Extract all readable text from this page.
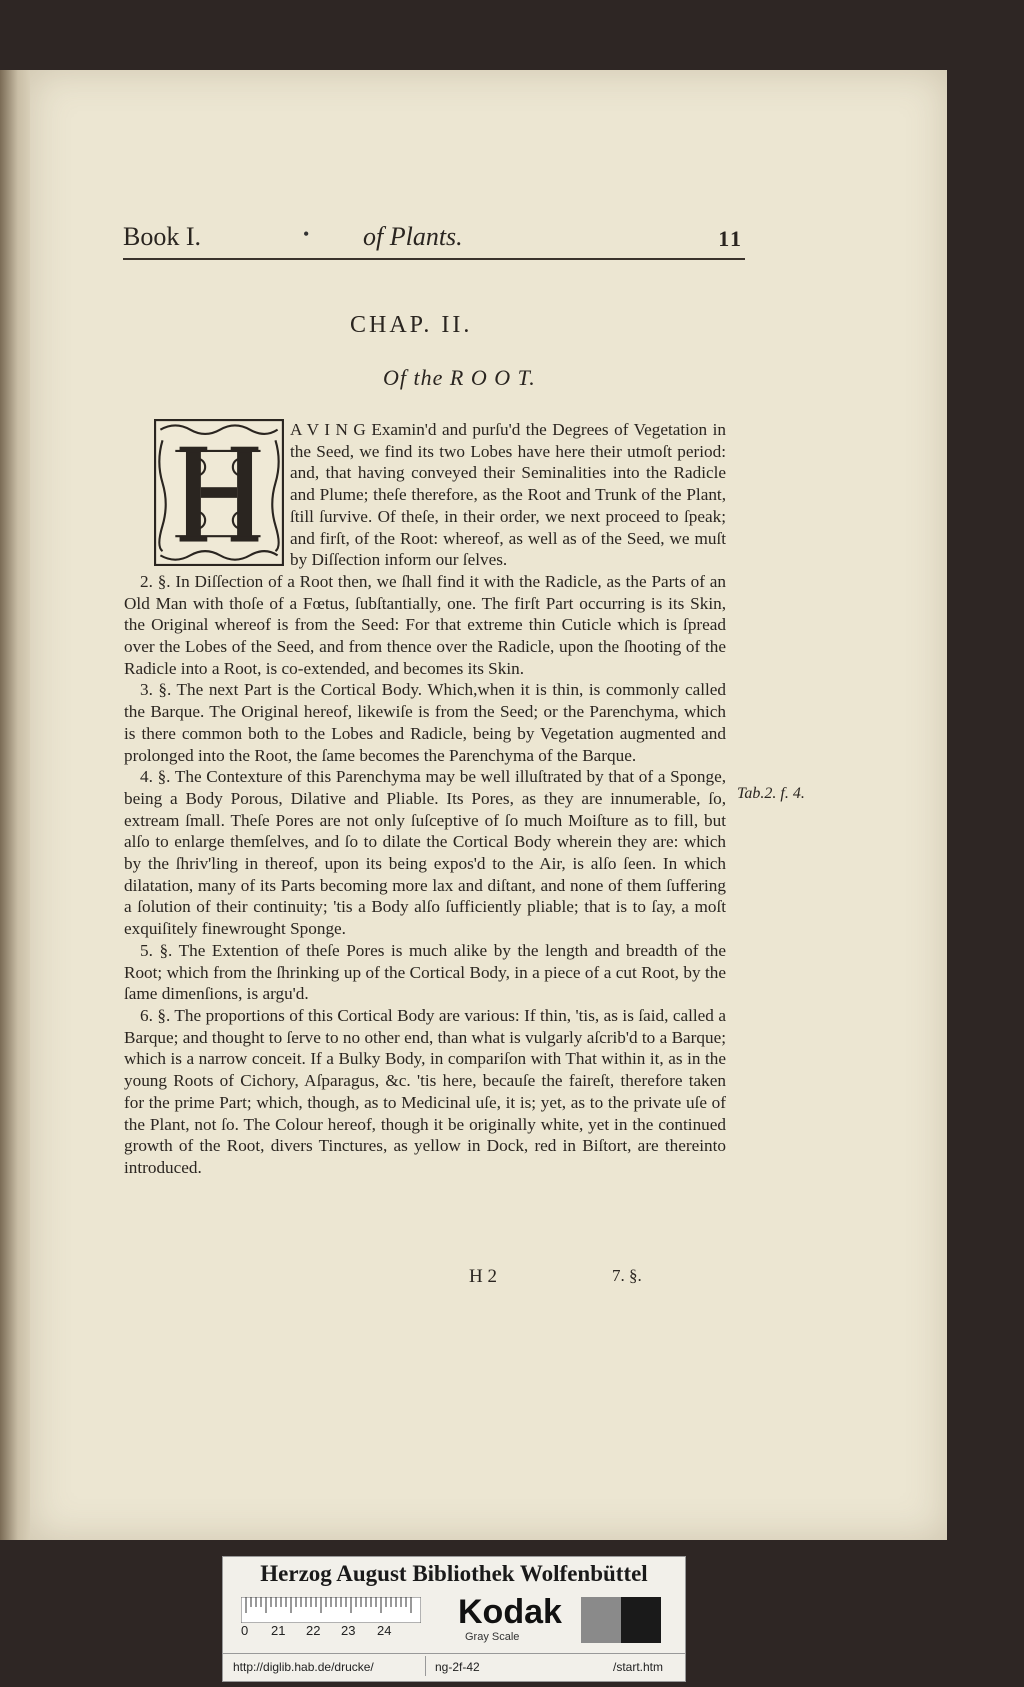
Book I.	• of Plants.	11
CHAP. II.
Of the R O O T.

A V I N G Examin'd and purſu'd the Degrees of Vegetation in the Seed, we find its two Lobes have here their utmoſt period: and, that having conveyed their Seminalities into the Radicle and Plume; theſe therefore, as the Root and Trunk of the Plant, ſtill ſurvive. Of theſe, in their order, we next proceed to ſpeak; and firſt, of the Root: whereof, as well as of the Seed, we muſt by Diſſection inform our ſelves.

2. §. In Diſſection of a Root then, we ſhall find it with the Radicle, as the Parts of an Old Man with thoſe of a Fœtus, ſubſtantially, one. The firſt Part occurring is its Skin, the Original whereof is from the Seed: For that extreme thin Cuticle which is ſpread over the Lobes of the Seed, and from thence over the Radicle, upon the ſhooting of the Radicle into a Root, is co-extended, and becomes its Skin.

3. §. The next Part is the Cortical Body. Which,when it is thin, is commonly called the Barque. The Original hereof, likewiſe is from the Seed; or the Parenchyma, which is there common both to the Lobes and Radicle, being by Vegetation augmented and prolonged into the Root, the ſame becomes the Parenchyma of the Barque.

4. §. The Contexture of this Parenchyma may be well illuſtrated by that of a Sponge, being a Body Porous, Dilative and Pliable. Its Pores, as they are innumerable, ſo, extream ſmall. Theſe Pores are not only ſuſceptive of ſo much Moiſture as to fill, but alſo to enlarge themſelves, and ſo to dilate the Cortical Body wherein they are: which by the ſhriv'ling in thereof, upon its being expos'd to the Air, is alſo ſeen. In which dilatation, many of its Parts becoming more lax and diſtant, and none of them ſuffering a ſolution of their continuity; 'tis a Body alſo ſufficiently pliable; that is to ſay, a moſt exquiſitely finewrought Sponge.

5. §. The Extention of theſe Pores is much alike by the length and breadth of the Root; which from the ſhrinking up of the Cortical Body, in a piece of a cut Root, by the ſame dimenſions, is argu'd.

6. §. The proportions of this Cortical Body are various: If thin, 'tis, as is ſaid, called a Barque; and thought to ſerve to no other end, than what is vulgarly aſcrib'd to a Barque; which is a narrow conceit. If a Bulky Body, in compariſon with That within it, as in the young Roots of Cichory, Aſparagus, &c. 'tis here, becauſe the faireſt, therefore taken for the prime Part; which, though, as to Medicinal uſe, it is; yet, as to the private uſe of the Plant, not ſo. The Colour hereof, though it be originally white, yet in the continued growth of the Root, divers Tinctures, as yellow in Dock, red in Biſtort, are thereinto introduced.

Tab.2. f. 4.
H 2	7. §.
Herzog August Bibliothek Wolfenbüttel
0 21 22 23 24 Kodak
Gray Scale
http://diglib.hab.de/drucke/	ng-2f-42	/start.htm
